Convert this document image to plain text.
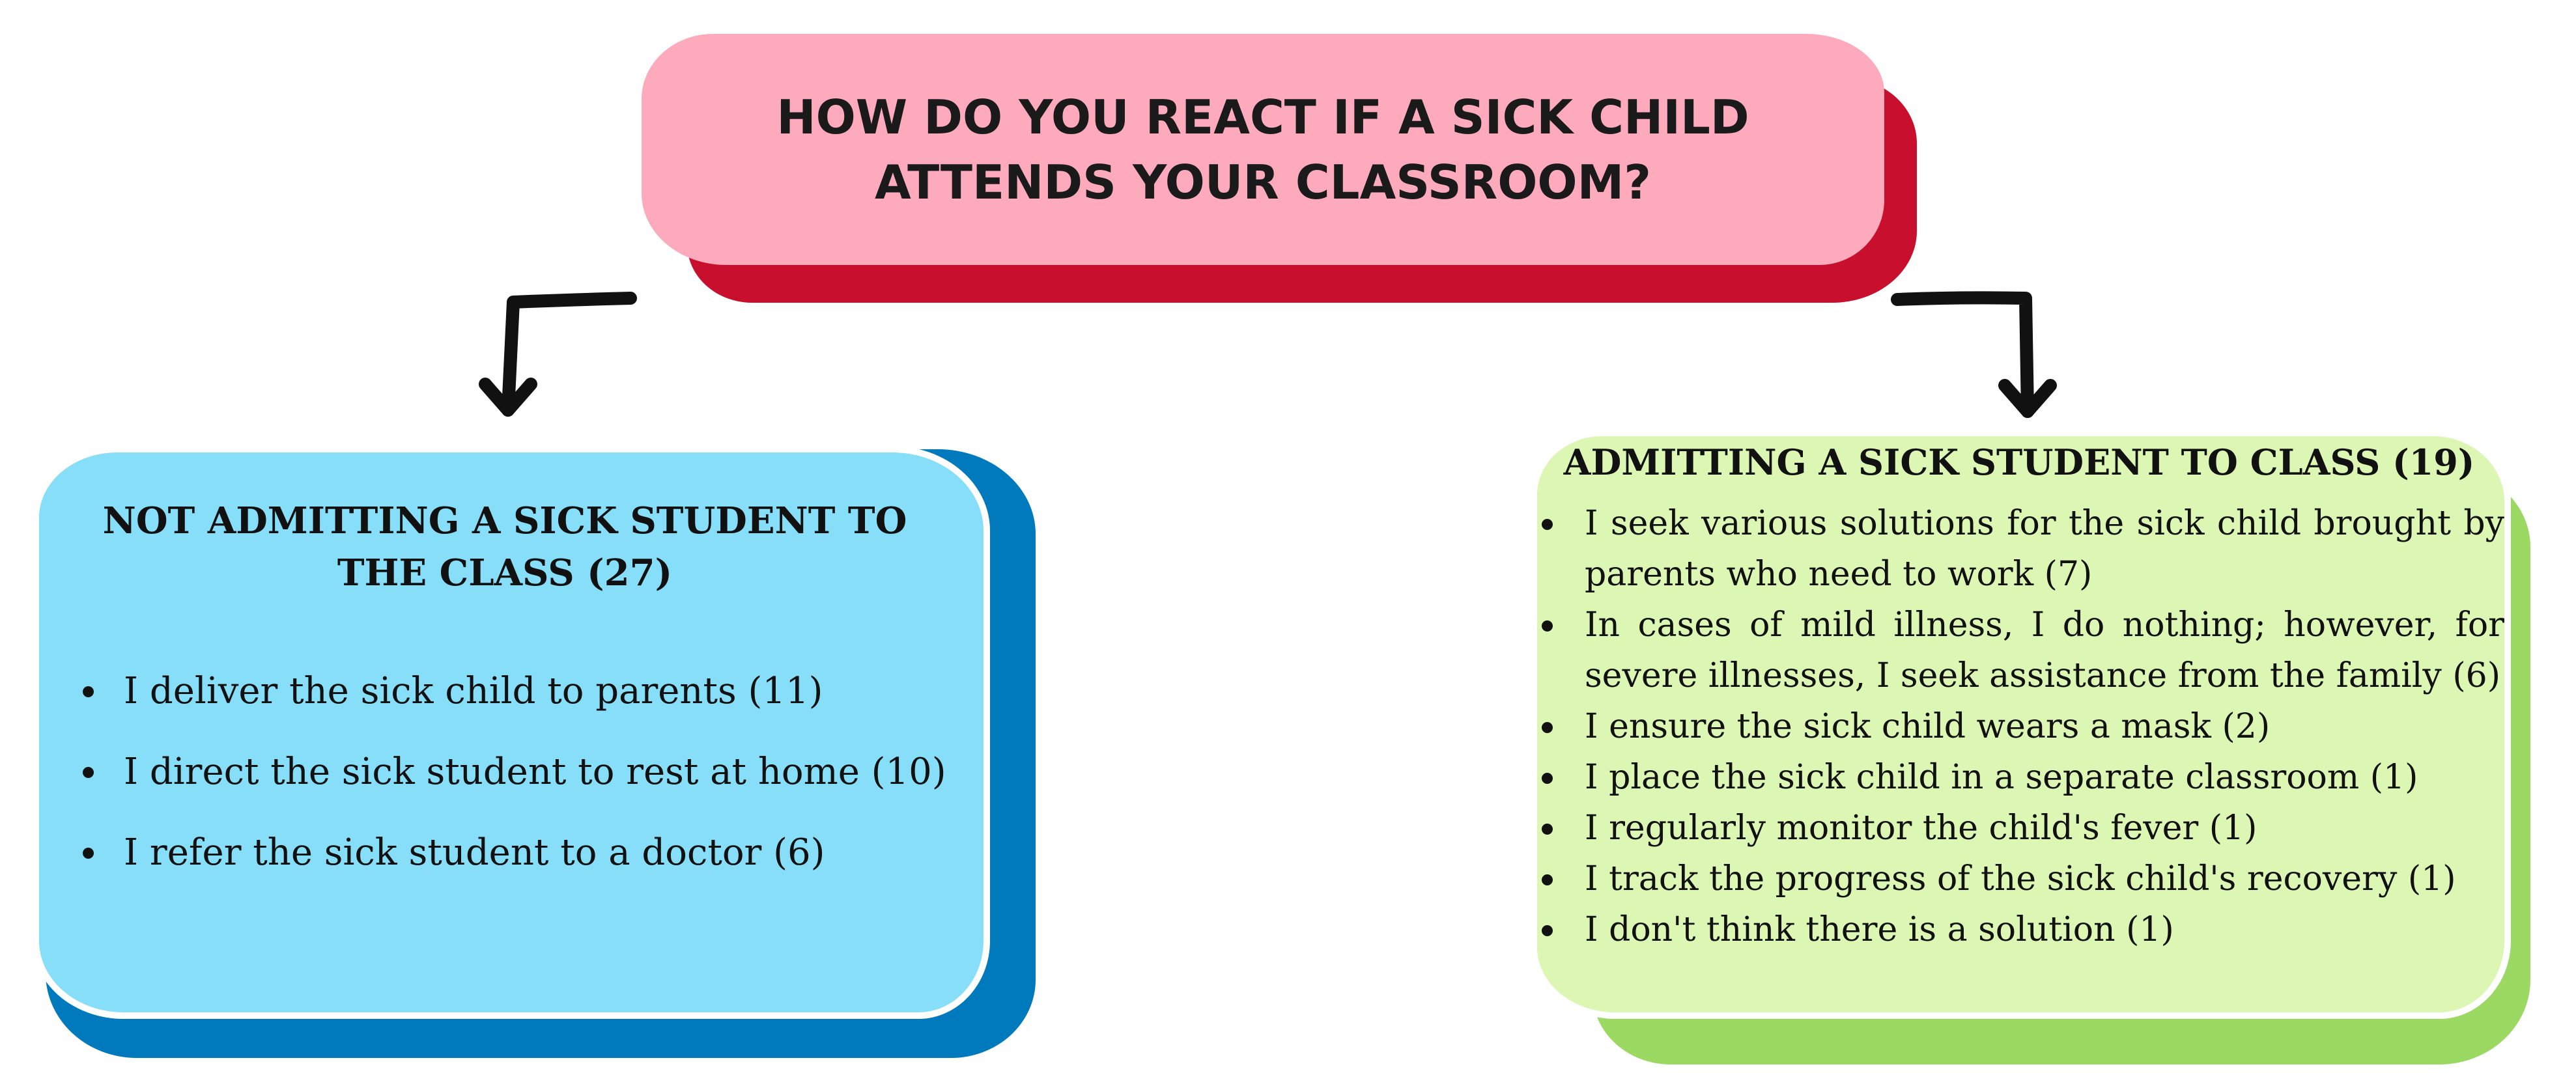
HOW DO YOU REACT IF A SICK CHILD ATTENDS YOUR CLASSROOM?

NOT ADMITTING A SICK STUDENT TO THE CLASS (27)
I deliver the sick child to parents (11)
I direct the sick student to rest at home (10)
I refer the sick student to a doctor (6)
ADMITTING A SICK STUDENT TO CLASS (19)
I seek various solutions for the sick child brought by parents who need to work (7)
In cases of mild illness, I do nothing; however, for severe illnesses, I seek assistance from the family (6)
I ensure the sick child wears a mask (2)
I place the sick child in a separate classroom (1)
I regularly monitor the child's fever (1)
I track the progress of the sick child's recovery (1)
I don't think there is a solution (1)
